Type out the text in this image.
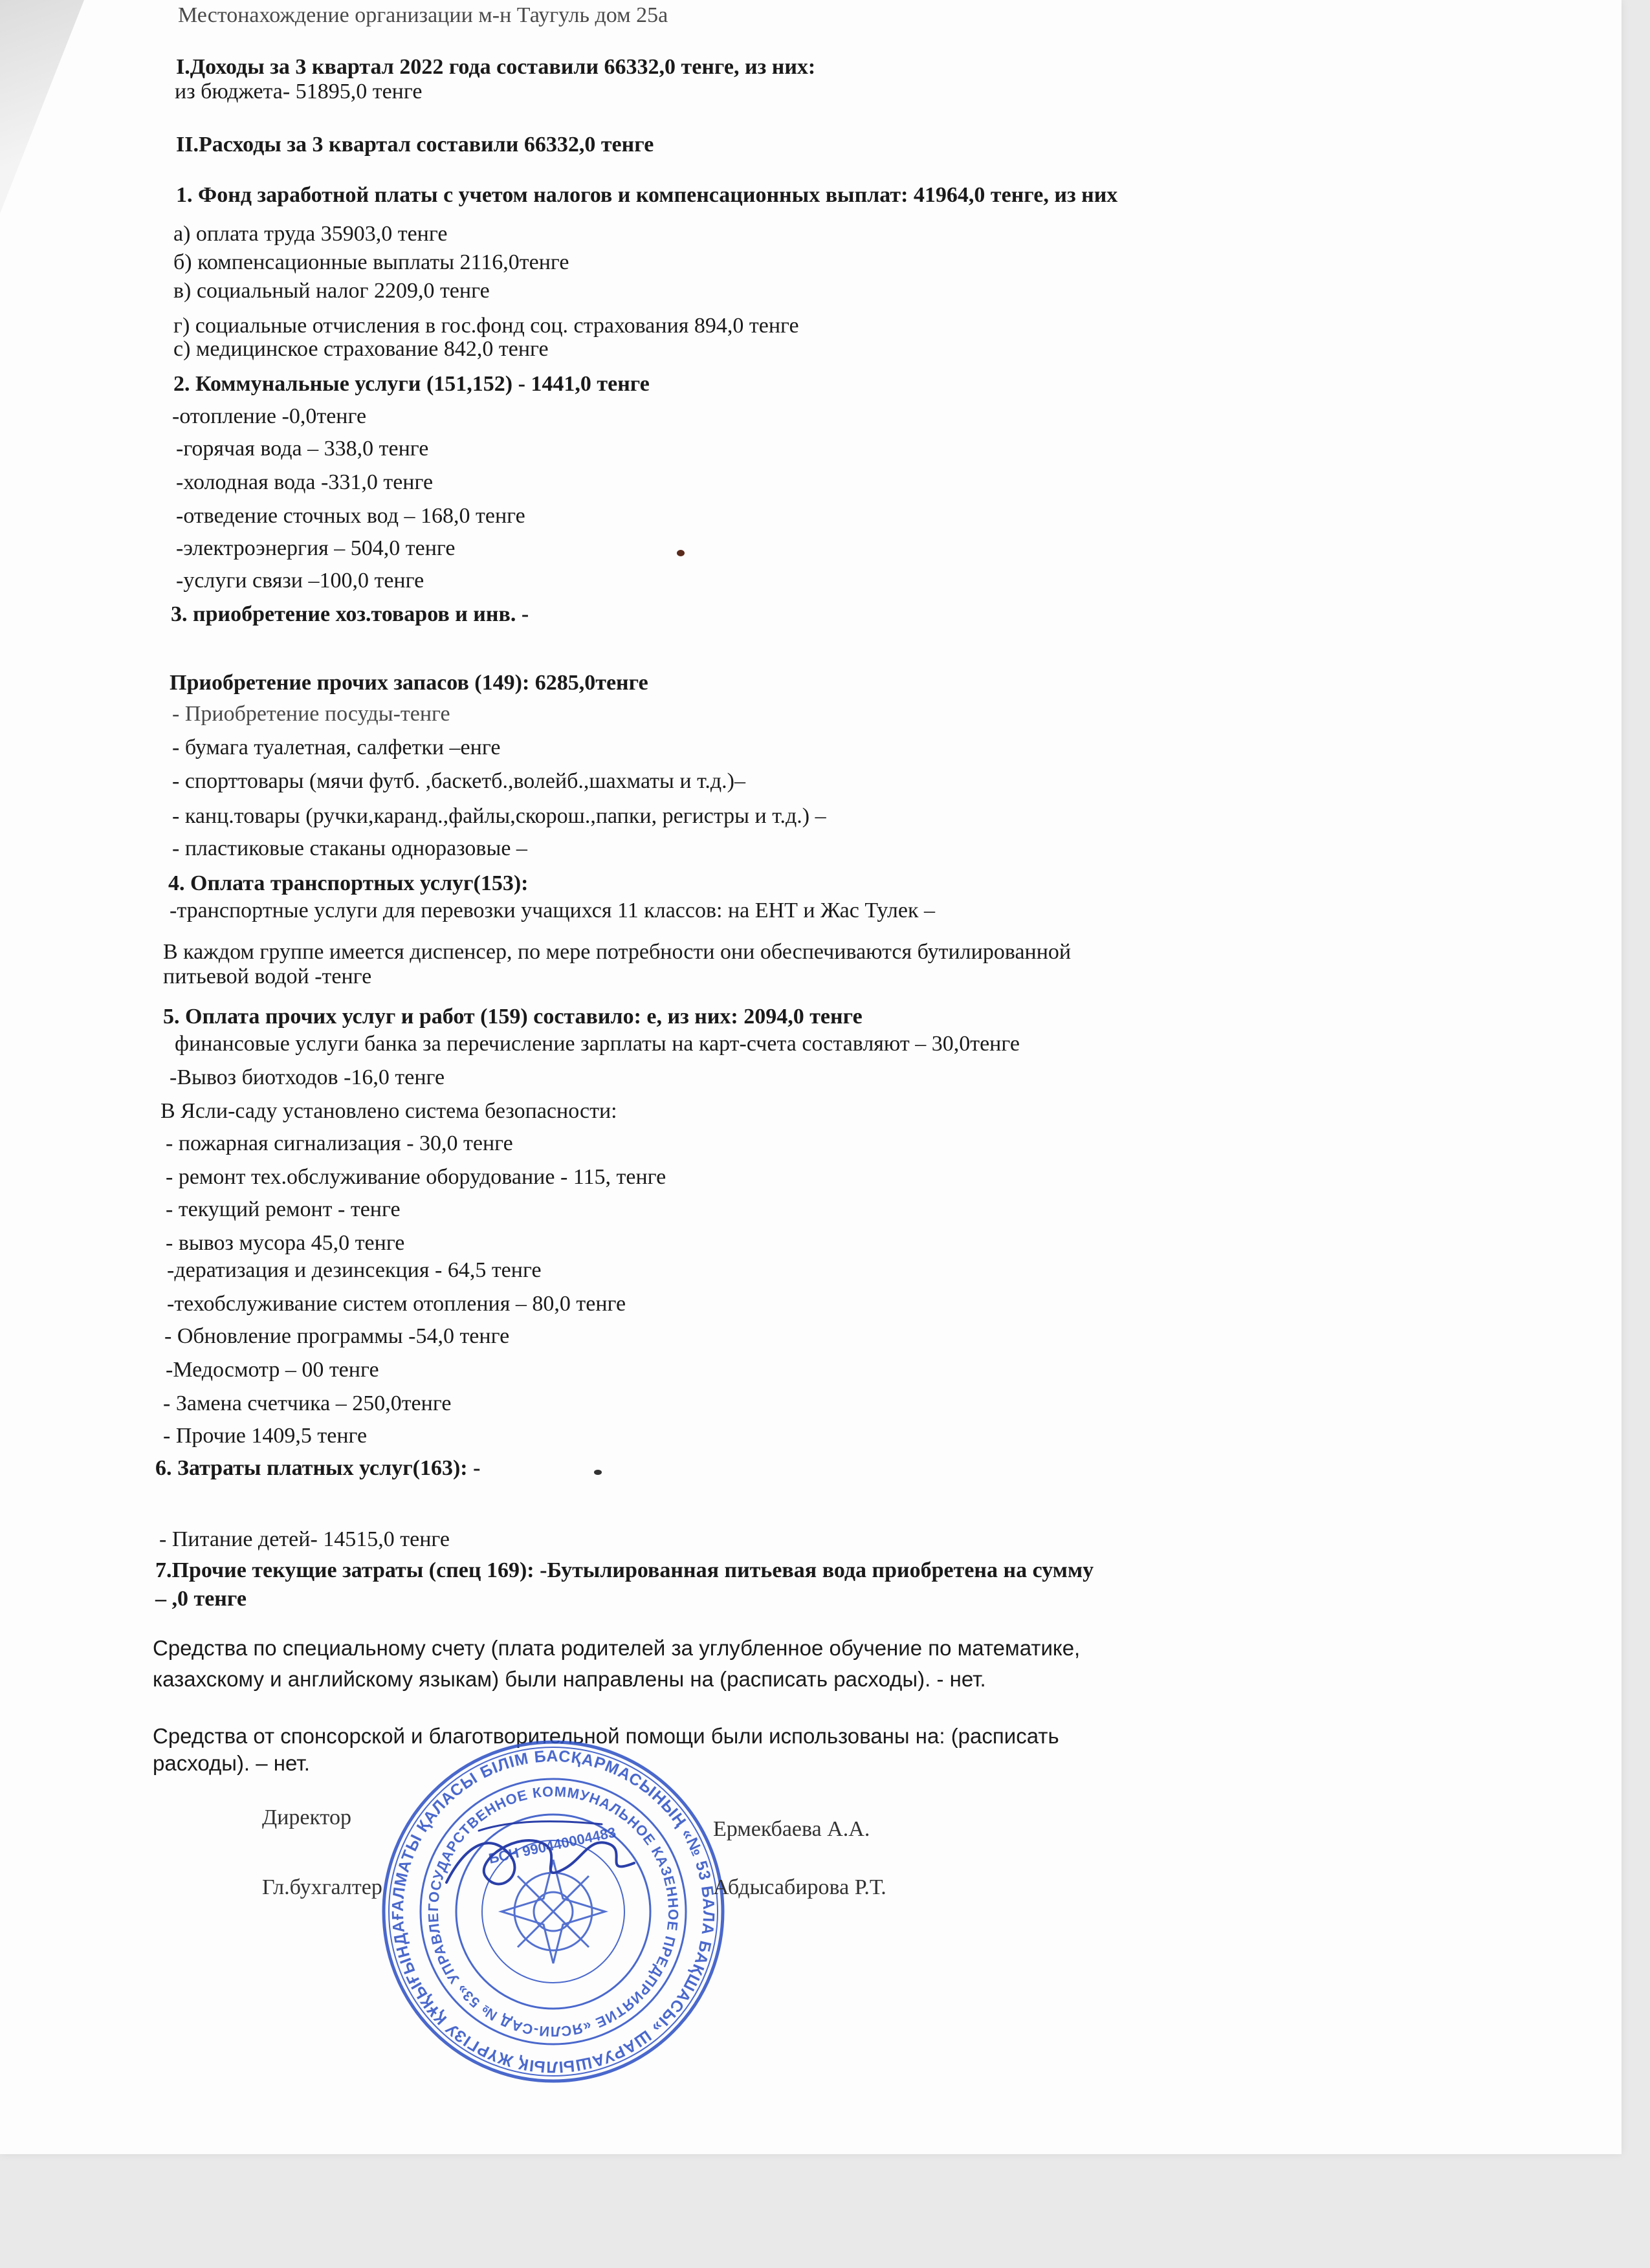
Местонахождение организации м-н Таугуль дом 25а
I.Доходы за 3 квартал 2022 года составили 66332,0 тенге, из них:
из бюджета- 51895,0 тенге
II.Расходы за 3 квартал составили 66332,0 тенге
1. Фонд заработной платы с учетом налогов и компенсационных выплат: 41964,0 тенге, из них
а) оплата труда 35903,0 тенге
б) компенсационные выплаты 2116,0тенге
в) социальный налог 2209,0 тенге
г) социальные отчисления в гос.фонд соц. страхования 894,0 тенге
с) медицинское страхование 842,0 тенге
2. Коммунальные услуги (151,152) - 1441,0 тенге
-отопление -0,0тенге
-горячая вода – 338,0 тенге
-холодная вода -331,0 тенге
-отведение сточных вод – 168,0 тенге
-электроэнергия – 504,0 тенге
-услуги связи –100,0 тенге
3. приобретение хоз.товаров и инв. -
Приобретение прочих запасов (149): 6285,0тенге
- Приобретение посуды-тенге
- бумага туалетная, салфетки –енге
- спорттовары (мячи футб. ,баскетб.,волейб.,шахматы и т.д.)–
- канц.товары (ручки,каранд.,файлы,скорош.,папки, регистры и т.д.) –
- пластиковые стаканы одноразовые –
4. Оплата транспортных услуг(153):
-транспортные услуги для перевозки учащихся 11 классов: на ЕНТ и Жас Тулек –
В каждом группе имеется диспенсер, по мере потребности они обеспечиваются бутилированной
питьевой водой -тенге
5. Оплата прочих услуг и работ (159) составило: е, из них: 2094,0 тенге
финансовые услуги банка за перечисление зарплаты на карт-счета составляют – 30,0тенге
-Вывоз биотходов -16,0 тенге
В Ясли-саду установлено система безопасности:
- пожарная сигнализация - 30,0 тенге
- ремонт тех.обслуживание оборудование - 115, тенге
- текущий ремонт - тенге
- вывоз мусора 45,0 тенге
-дератизация и дезинсекция - 64,5 тенге
-техобслуживание систем отопления – 80,0 тенге
- Обновление программы -54,0 тенге
-Медосмотр – 00 тенге
- Замена счетчика – 250,0тенге
- Прочие 1409,5 тенге
6. Затраты платных услуг(163): -
- Питание детей- 14515,0 тенге
7.Прочие текущие затраты (спец 169): -Бутылированная питьевая вода приобретена на сумму
– ,0 тенге
Средства по специальному счету (плата родителей за углубленное обучение по математике,
казахскому и английскому языкам) были направлены на (расписать расходы). - нет.
Средства от спонсорской и благотворительной помощи были использованы на: (расписать
расходы). – нет.
АЛМАТЫ ҚАЛАСЫ БІЛІМ БАСҚАРМАСЫНЫҢ «№ 53 БАЛА БАҚШАСЫ» ШАРУАШЫЛЫҚ ЖҮРГІЗУ ҚҰҚЫҒЫНДАҒ
ГОСУДАРСТВЕННОЕ КОММУНАЛЬНОЕ КАЗЕННОЕ ПРЕДПРИЯТИЕ «ЯСЛИ-САД № 53» УПРАВЛЕ
БСН 990440004483
Директор	Ермекбаева А.А.
Гл.бухгалтер	Абдысабирова Р.Т.
